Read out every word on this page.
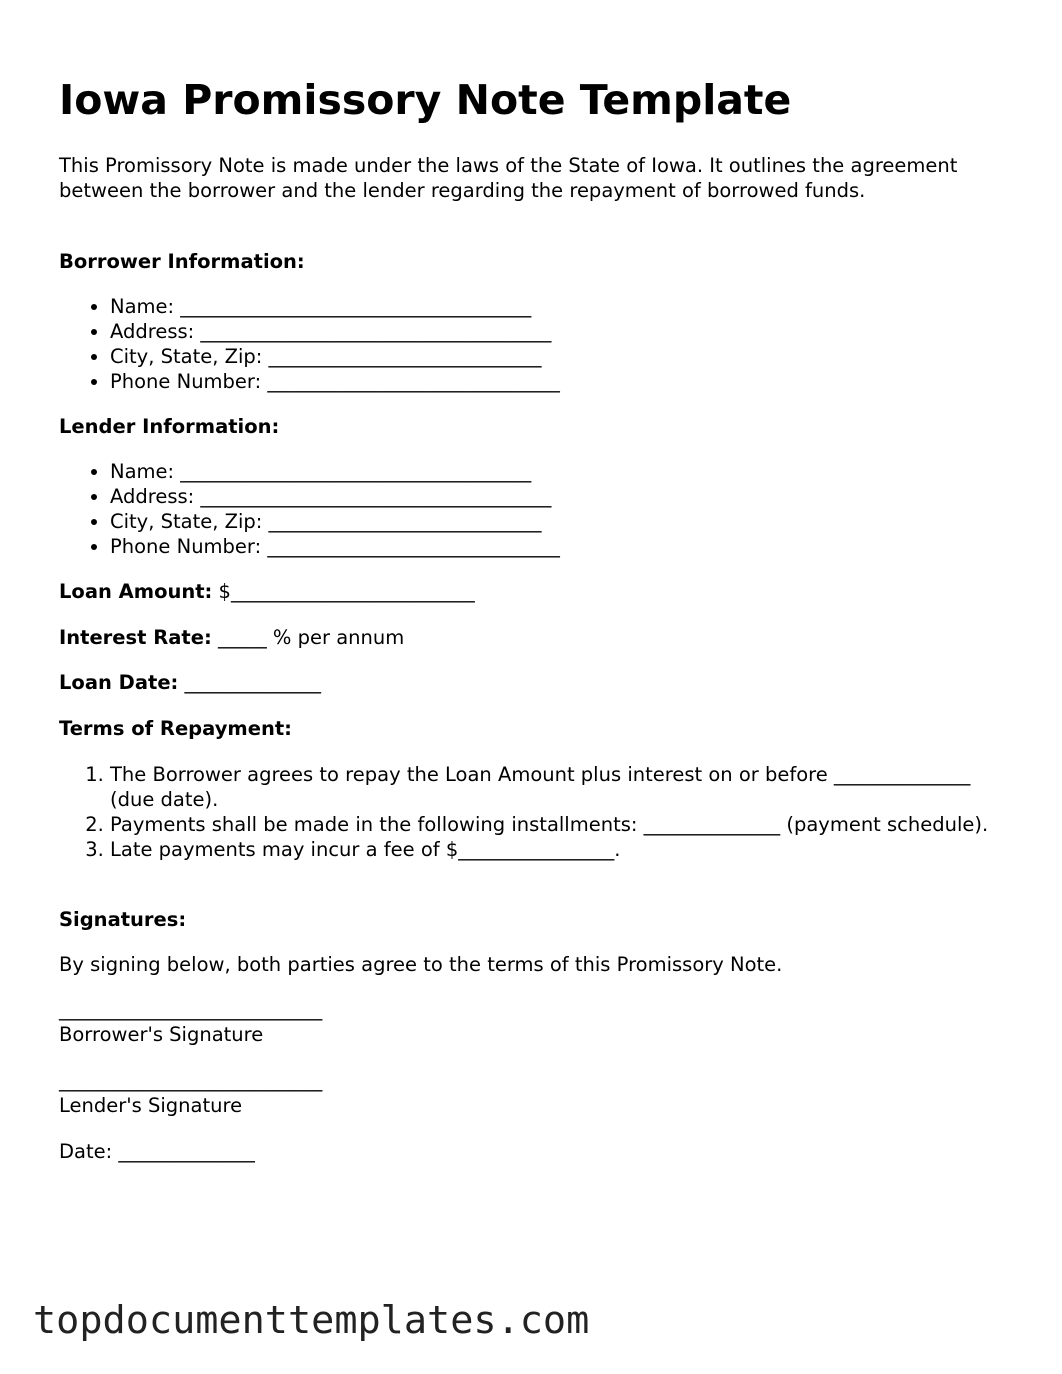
Iowa Promissory Note Template

This Promissory Note is made under the laws of the State of Iowa. It outlines the agreement between the borrower and the lender regarding the repayment of borrowed funds.

Borrower Information:

• Name: ____________________________________
• Address: ____________________________________
• City, State, Zip: ____________________________
• Phone Number: ______________________________

Lender Information:

• Name: ____________________________________
• Address: ____________________________________
• City, State, Zip: ____________________________
• Phone Number: ______________________________

Loan Amount: $_________________________

Interest Rate: _____ % per annum

Loan Date: ______________

Terms of Repayment:

1. The Borrower agrees to repay the Loan Amount plus interest on or before ______________ (due date).
2. Payments shall be made in the following installments: ______________ (payment schedule).
3. Late payments may incur a fee of $________________.

Signatures:

By signing below, both parties agree to the terms of this Promissory Note.

___________________________
Borrower's Signature
___________________________
Lender's Signature

Date: ______________

topdocumenttemplates.com
